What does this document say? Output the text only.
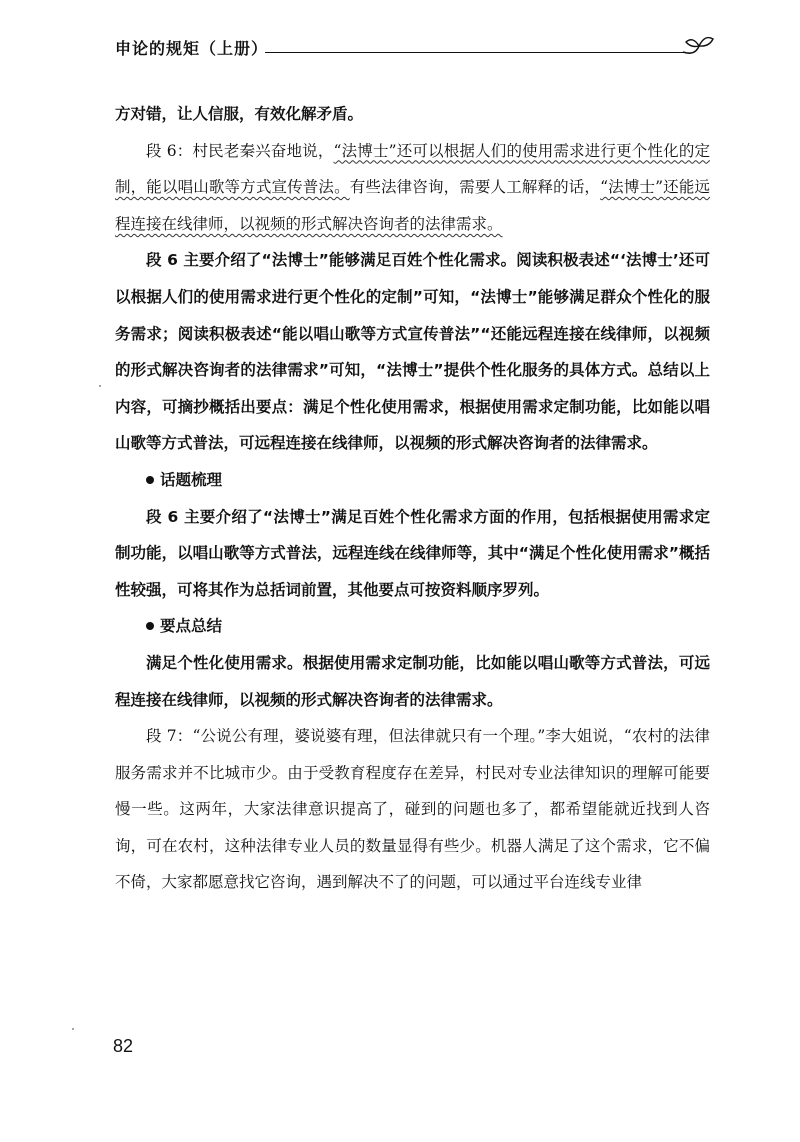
申论的规矩（上册）

方对错，让人信服，有效化解矛盾。

段 6：村民老秦兴奋地说，“法博士”还可以根据人们的使用需求进行更个性化的定制，能以唱山歌等方式宣传普法。有些法律咨询，需要人工解释的话，“法博士”还能远程连接在线律师，以视频的形式解决咨询者的法律需求。

段 6 主要介绍了“法博士”能够满足百姓个性化需求。阅读积极表述“‘法博士’还可以根据人们的使用需求进行更个性化的定制”可知，“法博士”能够满足群众个性化的服务需求；阅读积极表述“能以唱山歌等方式宣传普法”“还能远程连接在线律师，以视频的形式解决咨询者的法律需求”可知，“法博士”提供个性化服务的具体方式。总结以上内容，可摘抄概括出要点：满足个性化使用需求，根据使用需求定制功能，比如能以唱山歌等方式普法，可远程连接在线律师，以视频的形式解决咨询者的法律需求。

话题梳理

段 6 主要介绍了“法博士”满足百姓个性化需求方面的作用，包括根据使用需求定制功能，以唱山歌等方式普法，远程连线在线律师等，其中“满足个性化使用需求”概括性较强，可将其作为总括词前置，其他要点可按资料顺序罗列。

要点总结

满足个性化使用需求。根据使用需求定制功能，比如能以唱山歌等方式普法，可远程连接在线律师，以视频的形式解决咨询者的法律需求。

段 7：“公说公有理，婆说婆有理，但法律就只有一个理。”李大姐说，“农村的法律服务需求并不比城市少。由于受教育程度存在差异，村民对专业法律知识的理解可能要慢一些。这两年，大家法律意识提高了，碰到的问题也多了，都希望能就近找到人咨询，可在农村，这种法律专业人员的数量显得有些少。机器人满足了这个需求，它不偏不倚，大家都愿意找它咨询，遇到解决不了的问题，可以通过平台连线专业律

82
